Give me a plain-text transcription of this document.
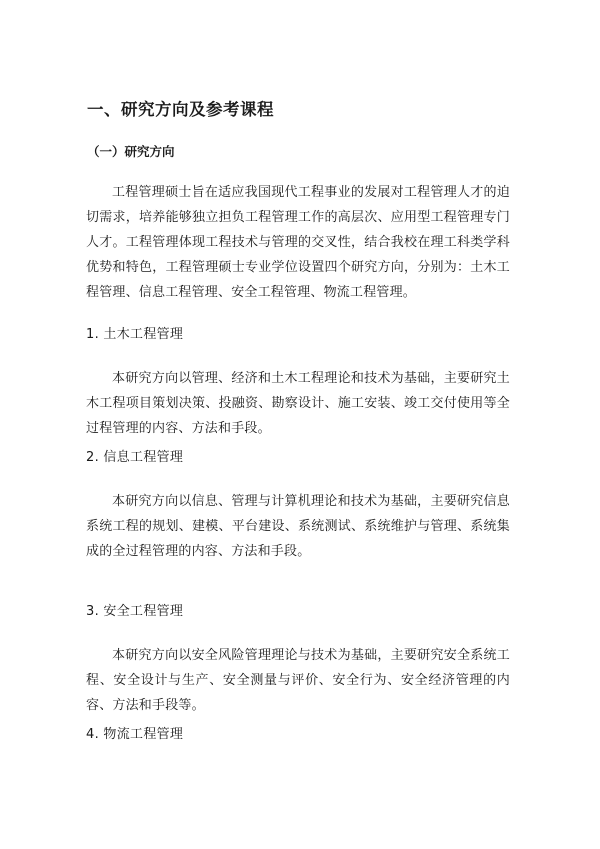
一、研究方向及参考课程
（一）研究方向
工程管理硕士旨在适应我国现代工程事业的发展对工程管理人才的迫切需求，培养能够独立担负工程管理工作的高层次、应用型工程管理专门人才。工程管理体现工程技术与管理的交叉性，结合我校在理工科类学科优势和特色，工程管理硕士专业学位设置四个研究方向，分别为：土木工程管理、信息工程管理、安全工程管理、物流工程管理。
1. 土木工程管理
本研究方向以管理、经济和土木工程理论和技术为基础，主要研究土木工程项目策划决策、投融资、勘察设计、施工安装、竣工交付使用等全过程管理的内容、方法和手段。
2. 信息工程管理
本研究方向以信息、管理与计算机理论和技术为基础，主要研究信息系统工程的规划、建模、平台建设、系统测试、系统维护与管理、系统集成的全过程管理的内容、方法和手段。
3. 安全工程管理
本研究方向以安全风险管理理论与技术为基础，主要研究安全系统工程、安全设计与生产、安全测量与评价、安全行为、安全经济管理的内容、方法和手段等。
4. 物流工程管理
